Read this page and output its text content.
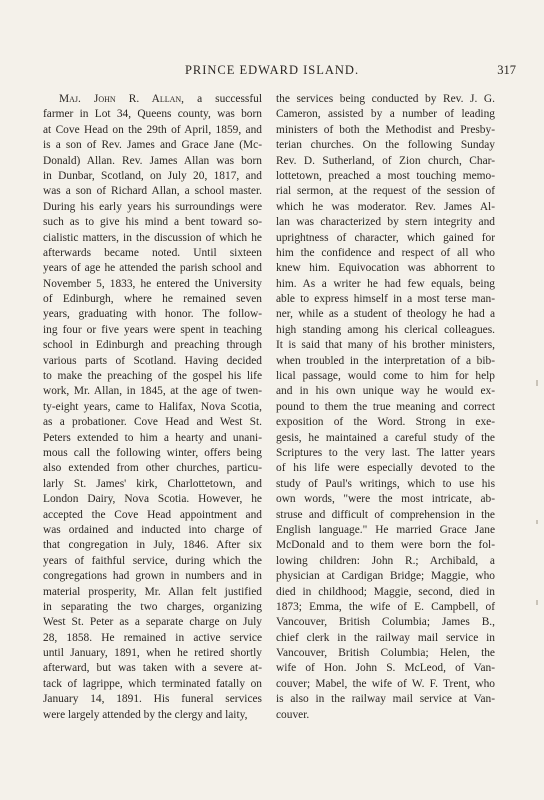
PRINCE EDWARD ISLAND.	317
Maj. John R. Allan, a successful
farmer in Lot 34, Queens county, was born
at Cove Head on the 29th of April, 1859, and
is a son of Rev. James and Grace Jane (Mc-
Donald) Allan. Rev. James Allan was born
in Dunbar, Scotland, on July 20, 1817, and
was a son of Richard Allan, a school master.
During his early years his surroundings were
such as to give his mind a bent toward so-
cialistic matters, in the discussion of which he
afterwards became noted. Until sixteen
years of age he attended the parish school and
November 5, 1833, he entered the University
of Edinburgh, where he remained seven
years, graduating with honor. The follow-
ing four or five years were spent in teaching
school in Edinburgh and preaching through
various parts of Scotland. Having decided
to make the preaching of the gospel his life
work, Mr. Allan, in 1845, at the age of twen-
ty-eight years, came to Halifax, Nova Scotia,
as a probationer. Cove Head and West St.
Peters extended to him a hearty and unani-
mous call the following winter, offers being
also extended from other churches, particu-
larly St. James' kirk, Charlottetown, and
London Dairy, Nova Scotia. However, he
accepted the Cove Head appointment and
was ordained and inducted into charge of
that congregation in July, 1846. After six
years of faithful service, during which the
congregations had grown in numbers and in
material prosperity, Mr. Allan felt justified
in separating the two charges, organizing
West St. Peter as a separate charge on July
28, 1858. He remained in active service
until January, 1891, when he retired shortly
afterward, but was taken with a severe at-
tack of lagrippe, which terminated fatally on
January 14, 1891. His funeral services
were largely attended by the clergy and laity,
the services being conducted by Rev. J. G.
Cameron, assisted by a number of leading
ministers of both the Methodist and Presby-
terian churches. On the following Sunday
Rev. D. Sutherland, of Zion church, Char-
lottetown, preached a most touching memo-
rial sermon, at the request of the session of
which he was moderator. Rev. James Al-
lan was characterized by stern integrity and
uprightness of character, which gained for
him the confidence and respect of all who
knew him. Equivocation was abhorrent to
him. As a writer he had few equals, being
able to express himself in a most terse man-
ner, while as a student of theology he had a
high standing among his clerical colleagues.
It is said that many of his brother ministers,
when troubled in the interpretation of a bib-
lical passage, would come to him for help
and in his own unique way he would ex-
pound to them the true meaning and correct
exposition of the Word. Strong in exe-
gesis, he maintained a careful study of the
Scriptures to the very last. The latter years
of his life were especially devoted to the
study of Paul's writings, which to use his
own words, "were the most intricate, ab-
struse and difficult of comprehension in the
English language." He married Grace Jane
McDonald and to them were born the fol-
lowing children: John R.; Archibald, a
physician at Cardigan Bridge; Maggie, who
died in childhood; Maggie, second, died in
1873; Emma, the wife of E. Campbell, of
Vancouver, British Columbia; James B.,
chief clerk in the railway mail service in
Vancouver, British Columbia; Helen, the
wife of Hon. John S. McLeod, of Van-
couver; Mabel, the wife of W. F. Trent, who
is also in the railway mail service at Van-
couver.
